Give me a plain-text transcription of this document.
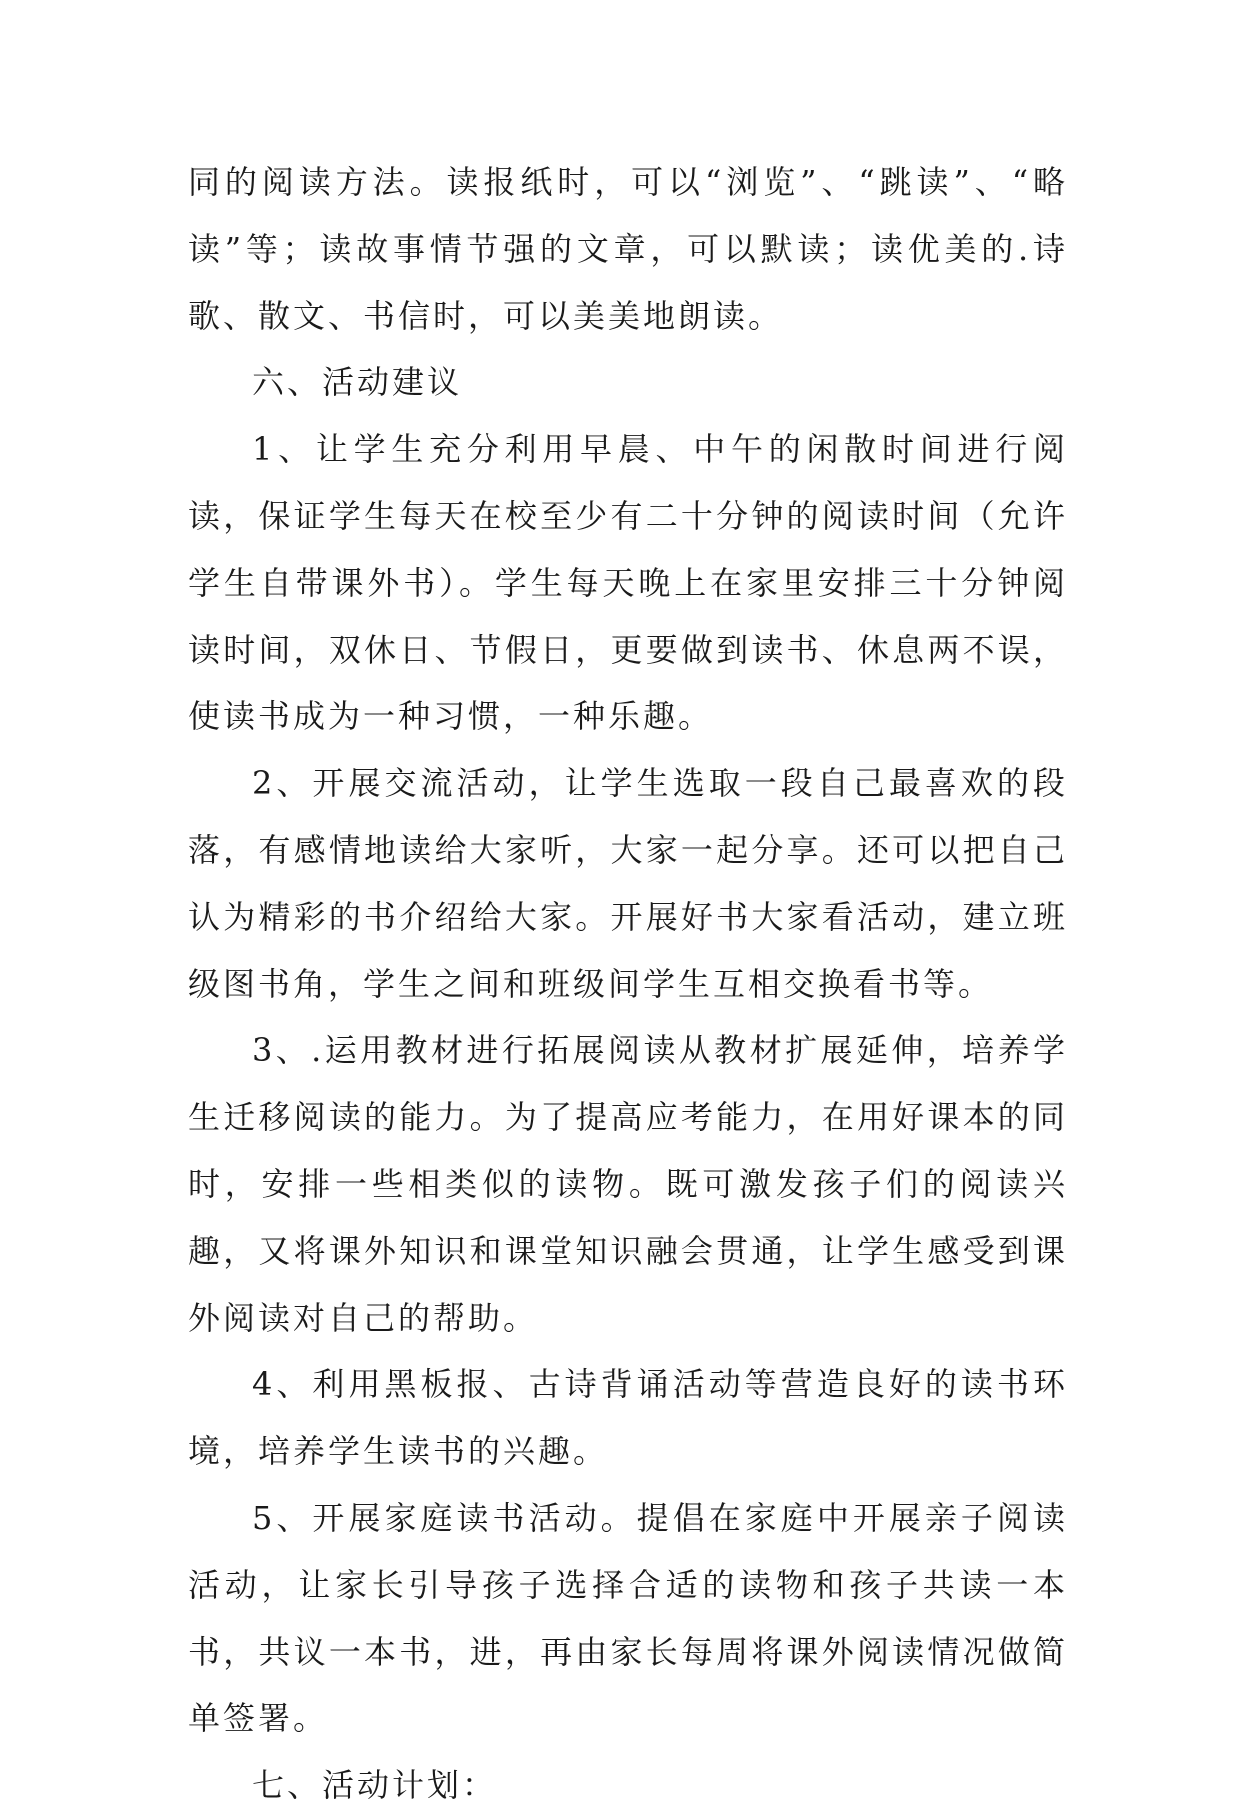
同的阅读方法。读报纸时，可以“浏览”、“跳读”、“略读”等；读故事情节强的文章，可以默读；读优美的.诗歌、散文、书信时，可以美美地朗读。

六、活动建议

1、让学生充分利用早晨、中午的闲散时间进行阅读，保证学生每天在校至少有二十分钟的阅读时间（允许学生自带课外书）。学生每天晚上在家里安排三十分钟阅读时间，双休日、节假日，更要做到读书、休息两不误，使读书成为一种习惯，一种乐趣。

2、开展交流活动，让学生选取一段自己最喜欢的段落，有感情地读给大家听，大家一起分享。还可以把自己认为精彩的书介绍给大家。开展好书大家看活动，建立班级图书角，学生之间和班级间学生互相交换看书等。

3、.运用教材进行拓展阅读从教材扩展延伸，培养学生迁移阅读的能力。为了提高应考能力，在用好课本的同时，安排一些相类似的读物。既可激发孩子们的阅读兴趣，又将课外知识和课堂知识融会贯通，让学生感受到课外阅读对自己的帮助。

4、利用黑板报、古诗背诵活动等营造良好的读书环境，培养学生读书的兴趣。

5、开展家庭读书活动。提倡在家庭中开展亲子阅读活动，让家长引导孩子选择合适的读物和孩子共读一本书，共议一本书，进，再由家长每周将课外阅读情况做简单签署。

七、活动计划：
